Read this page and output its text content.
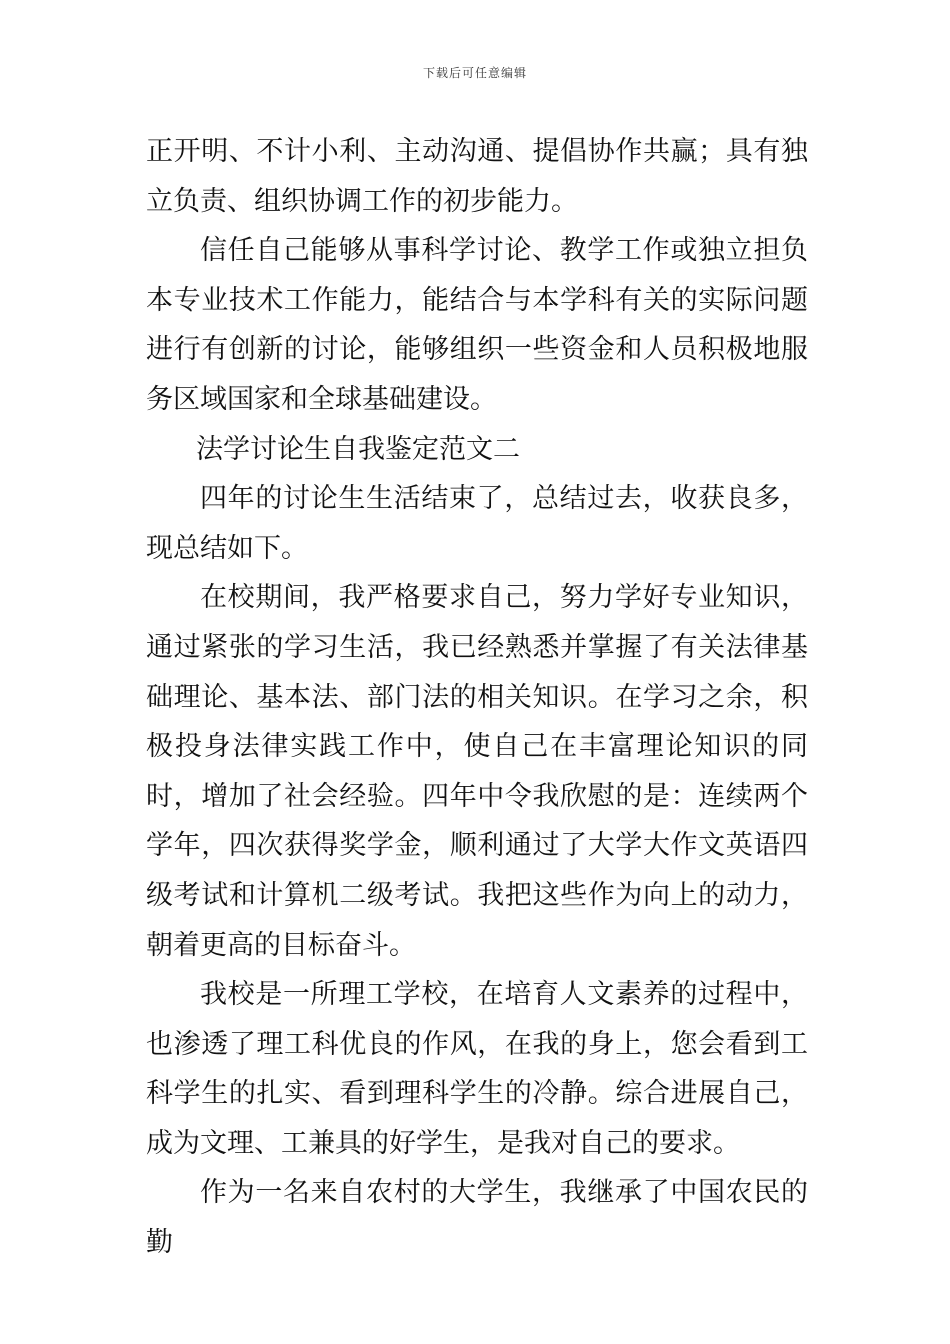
下载后可任意编辑

正开明、不计小利、主动沟通、提倡协作共赢；具有独立负责、组织协调工作的初步能力。

信任自己能够从事科学讨论、教学工作或独立担负本专业技术工作能力，能结合与本学科有关的实际问题进行有创新的讨论，能够组织一些资金和人员积极地服务区域国家和全球基础建设。

法学讨论生自我鉴定范文二

四年的讨论生生活结束了，总结过去，收获良多，现总结如下。

在校期间，我严格要求自己，努力学好专业知识，通过紧张的学习生活，我已经熟悉并掌握了有关法律基础理论、基本法、部门法的相关知识。在学习之余，积极投身法律实践工作中，使自己在丰富理论知识的同时，增加了社会经验。四年中令我欣慰的是：连续两个学年，四次获得奖学金，顺利通过了大学大作文英语四级考试和计算机二级考试。我把这些作为向上的动力，朝着更高的目标奋斗。

我校是一所理工学校，在培育人文素养的过程中，也渗透了理工科优良的作风，在我的身上，您会看到工科学生的扎实、看到理科学生的冷静。综合进展自己，成为文理、工兼具的好学生，是我对自己的要求。

作为一名来自农村的大学生，我继承了中国农民的勤
